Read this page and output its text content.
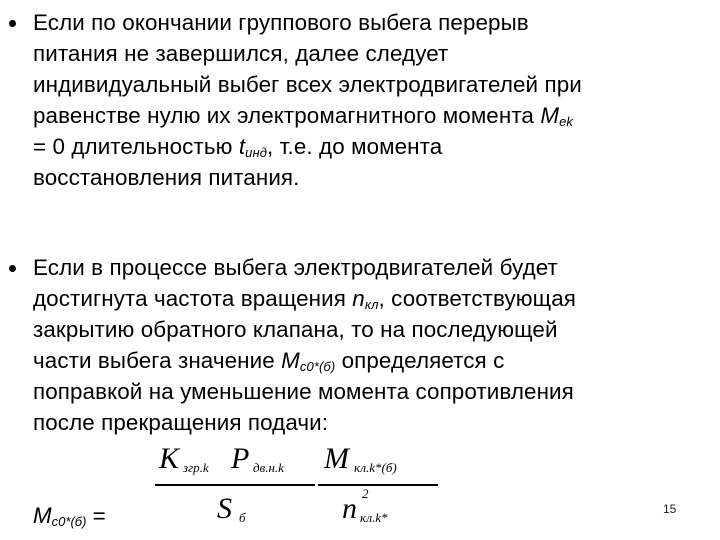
Если по окончании группового выбега перерыв
питания не завершился, далее следует
индивидуальный выбег всех электродвигателей при
равенстве нулю их электромагнитного момента $M_{ek}$
= 0 длительностью $t_{инд}$, т.е. до момента
восстановления питания.
Если в процессе выбега электродвигателей будет
достигнута частота вращения $n_{кл}$, соответствующая
закрытию обратного клапана, то на последующей
части выбега значение $M_{с0*(б)}$ определяется с
поправкой на уменьшение момента сопротивления
после прекращения подачи:
$M_{с0*(б)}$ =
K згр.k P дв.н.k
S б
M кл.k*(б)
n 2
кл.k*
15
